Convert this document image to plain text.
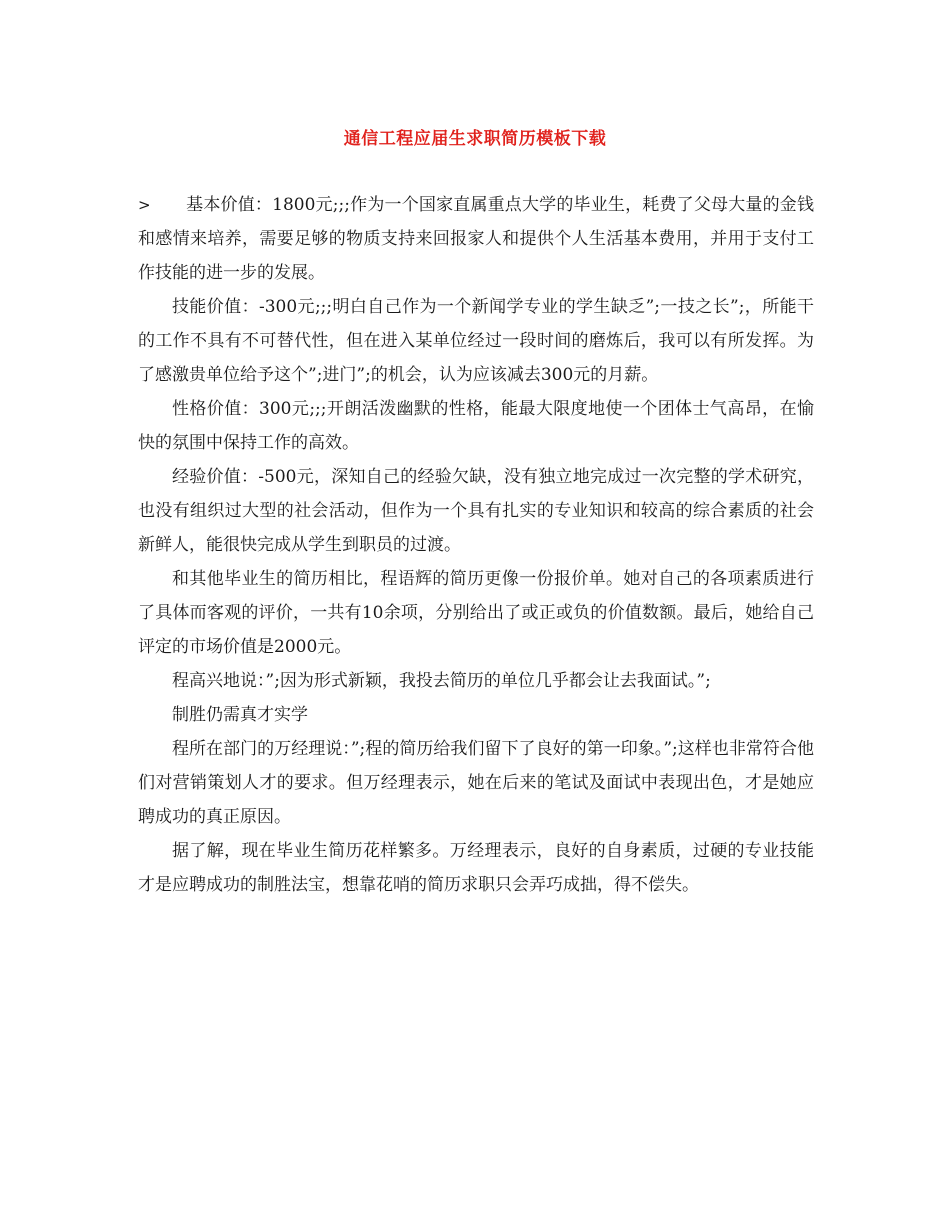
通信工程应届生求职简历模板下载

> 基本价值：1800元;;;作为一个国家直属重点大学的毕业生，耗费了父母大量的金钱和感情来培养，需要足够的物质支持来回报家人和提供个人生活基本费用，并用于支付工作技能的进一步的发展。

技能价值：-300元;;;明白自己作为一个新闻学专业的学生缺乏”;一技之长”;，所能干的工作不具有不可替代性，但在进入某单位经过一段时间的磨炼后，我可以有所发挥。为了感激贵单位给予这个”;进门”;的机会，认为应该减去300元的月薪。

性格价值：300元;;;开朗活泼幽默的性格，能最大限度地使一个团体士气高昂，在愉快的氛围中保持工作的高效。

经验价值：-500元，深知自己的经验欠缺，没有独立地完成过一次完整的学术研究，也没有组织过大型的社会活动，但作为一个具有扎实的专业知识和较高的综合素质的社会新鲜人，能很快完成从学生到职员的过渡。

和其他毕业生的简历相比，程语辉的简历更像一份报价单。她对自己的各项素质进行了具体而客观的评价，一共有10余项，分别给出了或正或负的价值数额。最后，她给自己评定的市场价值是2000元。

程高兴地说：”;因为形式新颖，我投去简历的单位几乎都会让去我面试。”;

制胜仍需真才实学

程所在部门的万经理说：”;程的简历给我们留下了良好的第一印象。”;这样也非常符合他们对营销策划人才的要求。但万经理表示，她在后来的笔试及面试中表现出色，才是她应聘成功的真正原因。

据了解，现在毕业生简历花样繁多。万经理表示，良好的自身素质，过硬的专业技能才是应聘成功的制胜法宝，想靠花哨的简历求职只会弄巧成拙，得不偿失。
